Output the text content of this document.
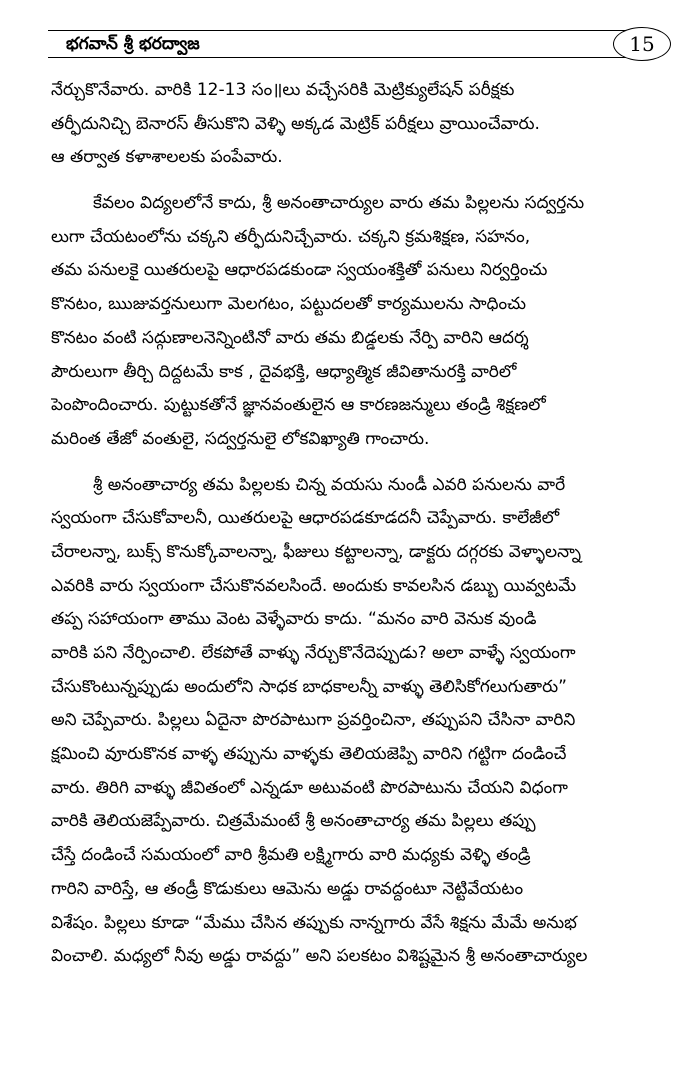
భగవాన్ శ్రీ భరద్వాజ	15

నేర్చుకొనేవారు. వారికి 12-13 సం॥లు వచ్చేసరికి మెట్రిక్యులేషన్ పరీక్షకు

తర్ఫీదునిచ్చి బెనారస్ తీసుకొని వెళ్ళి అక్కడ మెట్రిక్ పరీక్షలు వ్రాయించేవారు.

ఆ తర్వాత కళాశాలలకు పంపేవారు.

కేవలం విద్యలలోనే కాదు, శ్రీ అనంతాచార్యుల వారు తమ పిల్లలను సద్వర్తను

లుగా చేయటంలోను చక్కని తర్ఫీదునిచ్చేవారు. చక్కని క్రమశిక్షణ, సహనం,

తమ పనులకై యితరులపై ఆధారపడకుండా స్వయంశక్తితో పనులు నిర్వర్తించు

కొనటం, ఋజువర్తనులుగా మెలగటం, పట్టుదలతో కార్యములను సాధించు

కొనటం వంటి సద్గుణాలనెన్నింటినో వారు తమ బిడ్డలకు నేర్పి వారిని ఆదర్శ

పౌరులుగా తీర్చి దిద్దటమే కాక , దైవభక్తి, ఆధ్యాత్మిక జీవితానురక్తి వారిలో

పెంపొందించారు. పుట్టుకతోనే జ్ఞానవంతులైన ఆ కారణజన్ములు తండ్రి శిక్షణలో

మరింత తేజో వంతులై, సద్వర్తనులై లోకవిఖ్యాతి గాంచారు.

శ్రీ అనంతాచార్య తమ పిల్లలకు చిన్న వయసు నుండీ ఎవరి పనులను వారే

స్వయంగా చేసుకోవాలనీ, యితరులపై ఆధారపడకూడదనీ చెప్పేవారు. కాలేజీలో

చేరాలన్నా, బుక్స్ కొనుక్కోవాలన్నా, ఫీజులు కట్టాలన్నా, డాక్టరు దగ్గరకు వెళ్ళాలన్నా

ఎవరికి వారు స్వయంగా చేసుకొనవలసిందే. అందుకు కావలసిన డబ్బు యివ్వటమే

తప్ప సహాయంగా తాము వెంట వెళ్ళేవారు కాదు. “మనం వారి వెనుక వుండి

వారికి పని నేర్పించాలి. లేకపోతే వాళ్ళు నేర్చుకొనేదెప్పుడు? అలా వాళ్ళే స్వయంగా

చేసుకొంటున్నప్పుడు అందులోని సాధక బాధకాలన్నీ వాళ్ళు తెలిసికోగలుగుతారు”

అని చెప్పేవారు. పిల్లలు ఏదైనా పొరపాటుగా ప్రవర్తించినా, తప్పుపని చేసినా వారిని

క్షమించి వూరుకొనక వాళ్ళ తప్పును వాళ్ళకు తెలియజెప్పి వారిని గట్టిగా దండించే

వారు. తిరిగి వాళ్ళు జీవితంలో ఎన్నడూ అటువంటి పొరపాటును చేయని విధంగా

వారికి తెలియజెప్పేవారు. చిత్రమేమంటే శ్రీ అనంతాచార్య తమ పిల్లలు తప్పు

చేస్తే దండించే సమయంలో వారి శ్రీమతి లక్ష్మిగారు వారి మధ్యకు వెళ్ళి తండ్రి

గారిని వారిస్తే, ఆ తండ్రీ కొడుకులు ఆమెను అడ్డు రావద్దంటూ నెట్టివేయటం

విశేషం. పిల్లలు కూడా “మేము చేసిన తప్పుకు నాన్నగారు వేసే శిక్షను మేమే అనుభ

వించాలి. మధ్యలో నీవు అడ్డు రావద్దు” అని పలకటం విశిష్టమైన శ్రీ అనంతాచార్యుల
